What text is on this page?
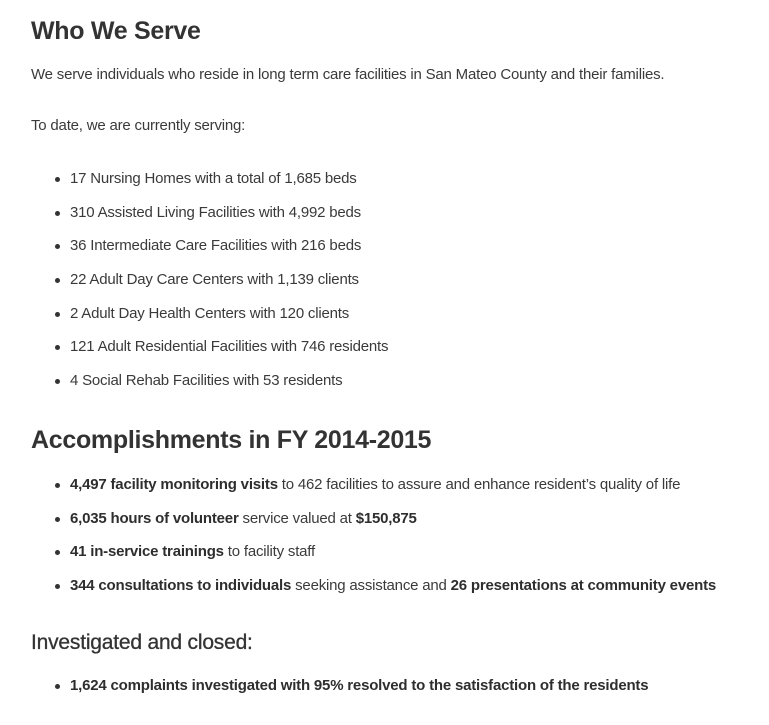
Who We Serve

We serve individuals who reside in long term care facilities in San Mateo County and their families.

To date, we are currently serving:

17 Nursing Homes with a total of 1,685 beds
310 Assisted Living Facilities with 4,992 beds
36 Intermediate Care Facilities with 216 beds
22 Adult Day Care Centers with 1,139 clients
2 Adult Day Health Centers with 120 clients
121 Adult Residential Facilities with 746 residents
4 Social Rehab Facilities with 53 residents
Accomplishments in FY 2014-2015
4,497 facility monitoring visits to 462 facilities to assure and enhance resident’s quality of life
6,035 hours of volunteer service valued at $150,875
41 in-service trainings to facility staff
344 consultations to individuals seeking assistance and 26 presentations at community events
Investigated and closed:
1,624 complaints investigated with 95% resolved to the satisfaction of the residents
